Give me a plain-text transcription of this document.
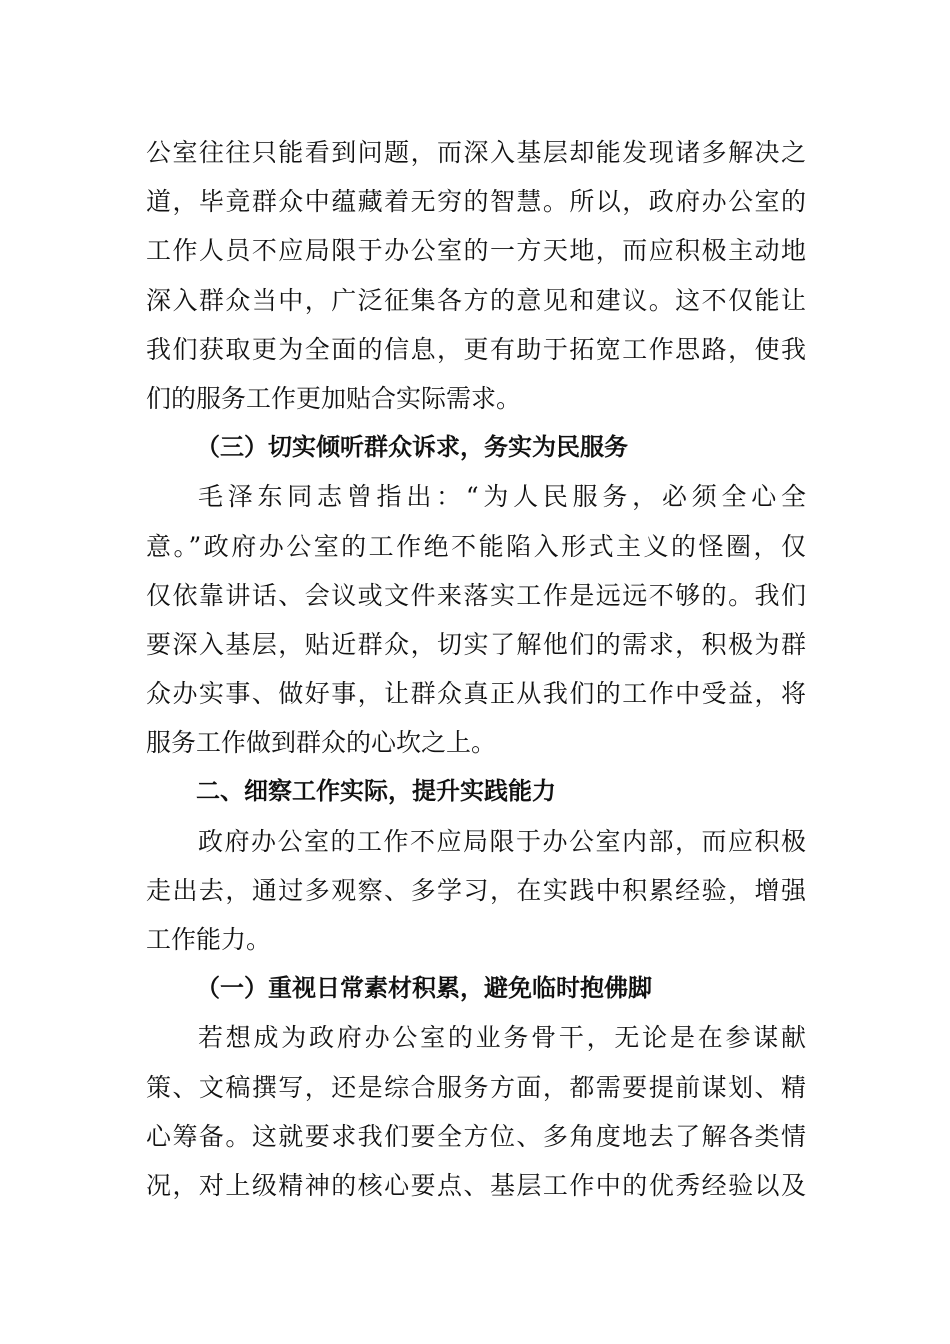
公室往往只能看到问题，而深入基层却能发现诸多解决之
道，毕竟群众中蕴藏着无穷的智慧。所以，政府办公室的
工作人员不应局限于办公室的一方天地，而应积极主动地
深入群众当中，广泛征集各方的意见和建议。这不仅能让
我们获取更为全面的信息，更有助于拓宽工作思路，使我
们的服务工作更加贴合实际需求。
（三）切实倾听群众诉求，务实为民服务
毛泽东同志曾指出：“为人民服务，必须全心全
意。”政府办公室的工作绝不能陷入形式主义的怪圈，仅
仅依靠讲话、会议或文件来落实工作是远远不够的。我们
要深入基层，贴近群众，切实了解他们的需求，积极为群
众办实事、做好事，让群众真正从我们的工作中受益，将
服务工作做到群众的心坎之上。
二、细察工作实际，提升实践能力
政府办公室的工作不应局限于办公室内部，而应积极
走出去，通过多观察、多学习，在实践中积累经验，增强
工作能力。
（一）重视日常素材积累，避免临时抱佛脚
若想成为政府办公室的业务骨干，无论是在参谋献
策、文稿撰写，还是综合服务方面，都需要提前谋划、精
心筹备。这就要求我们要全方位、多角度地去了解各类情
况，对上级精神的核心要点、基层工作中的优秀经验以及
